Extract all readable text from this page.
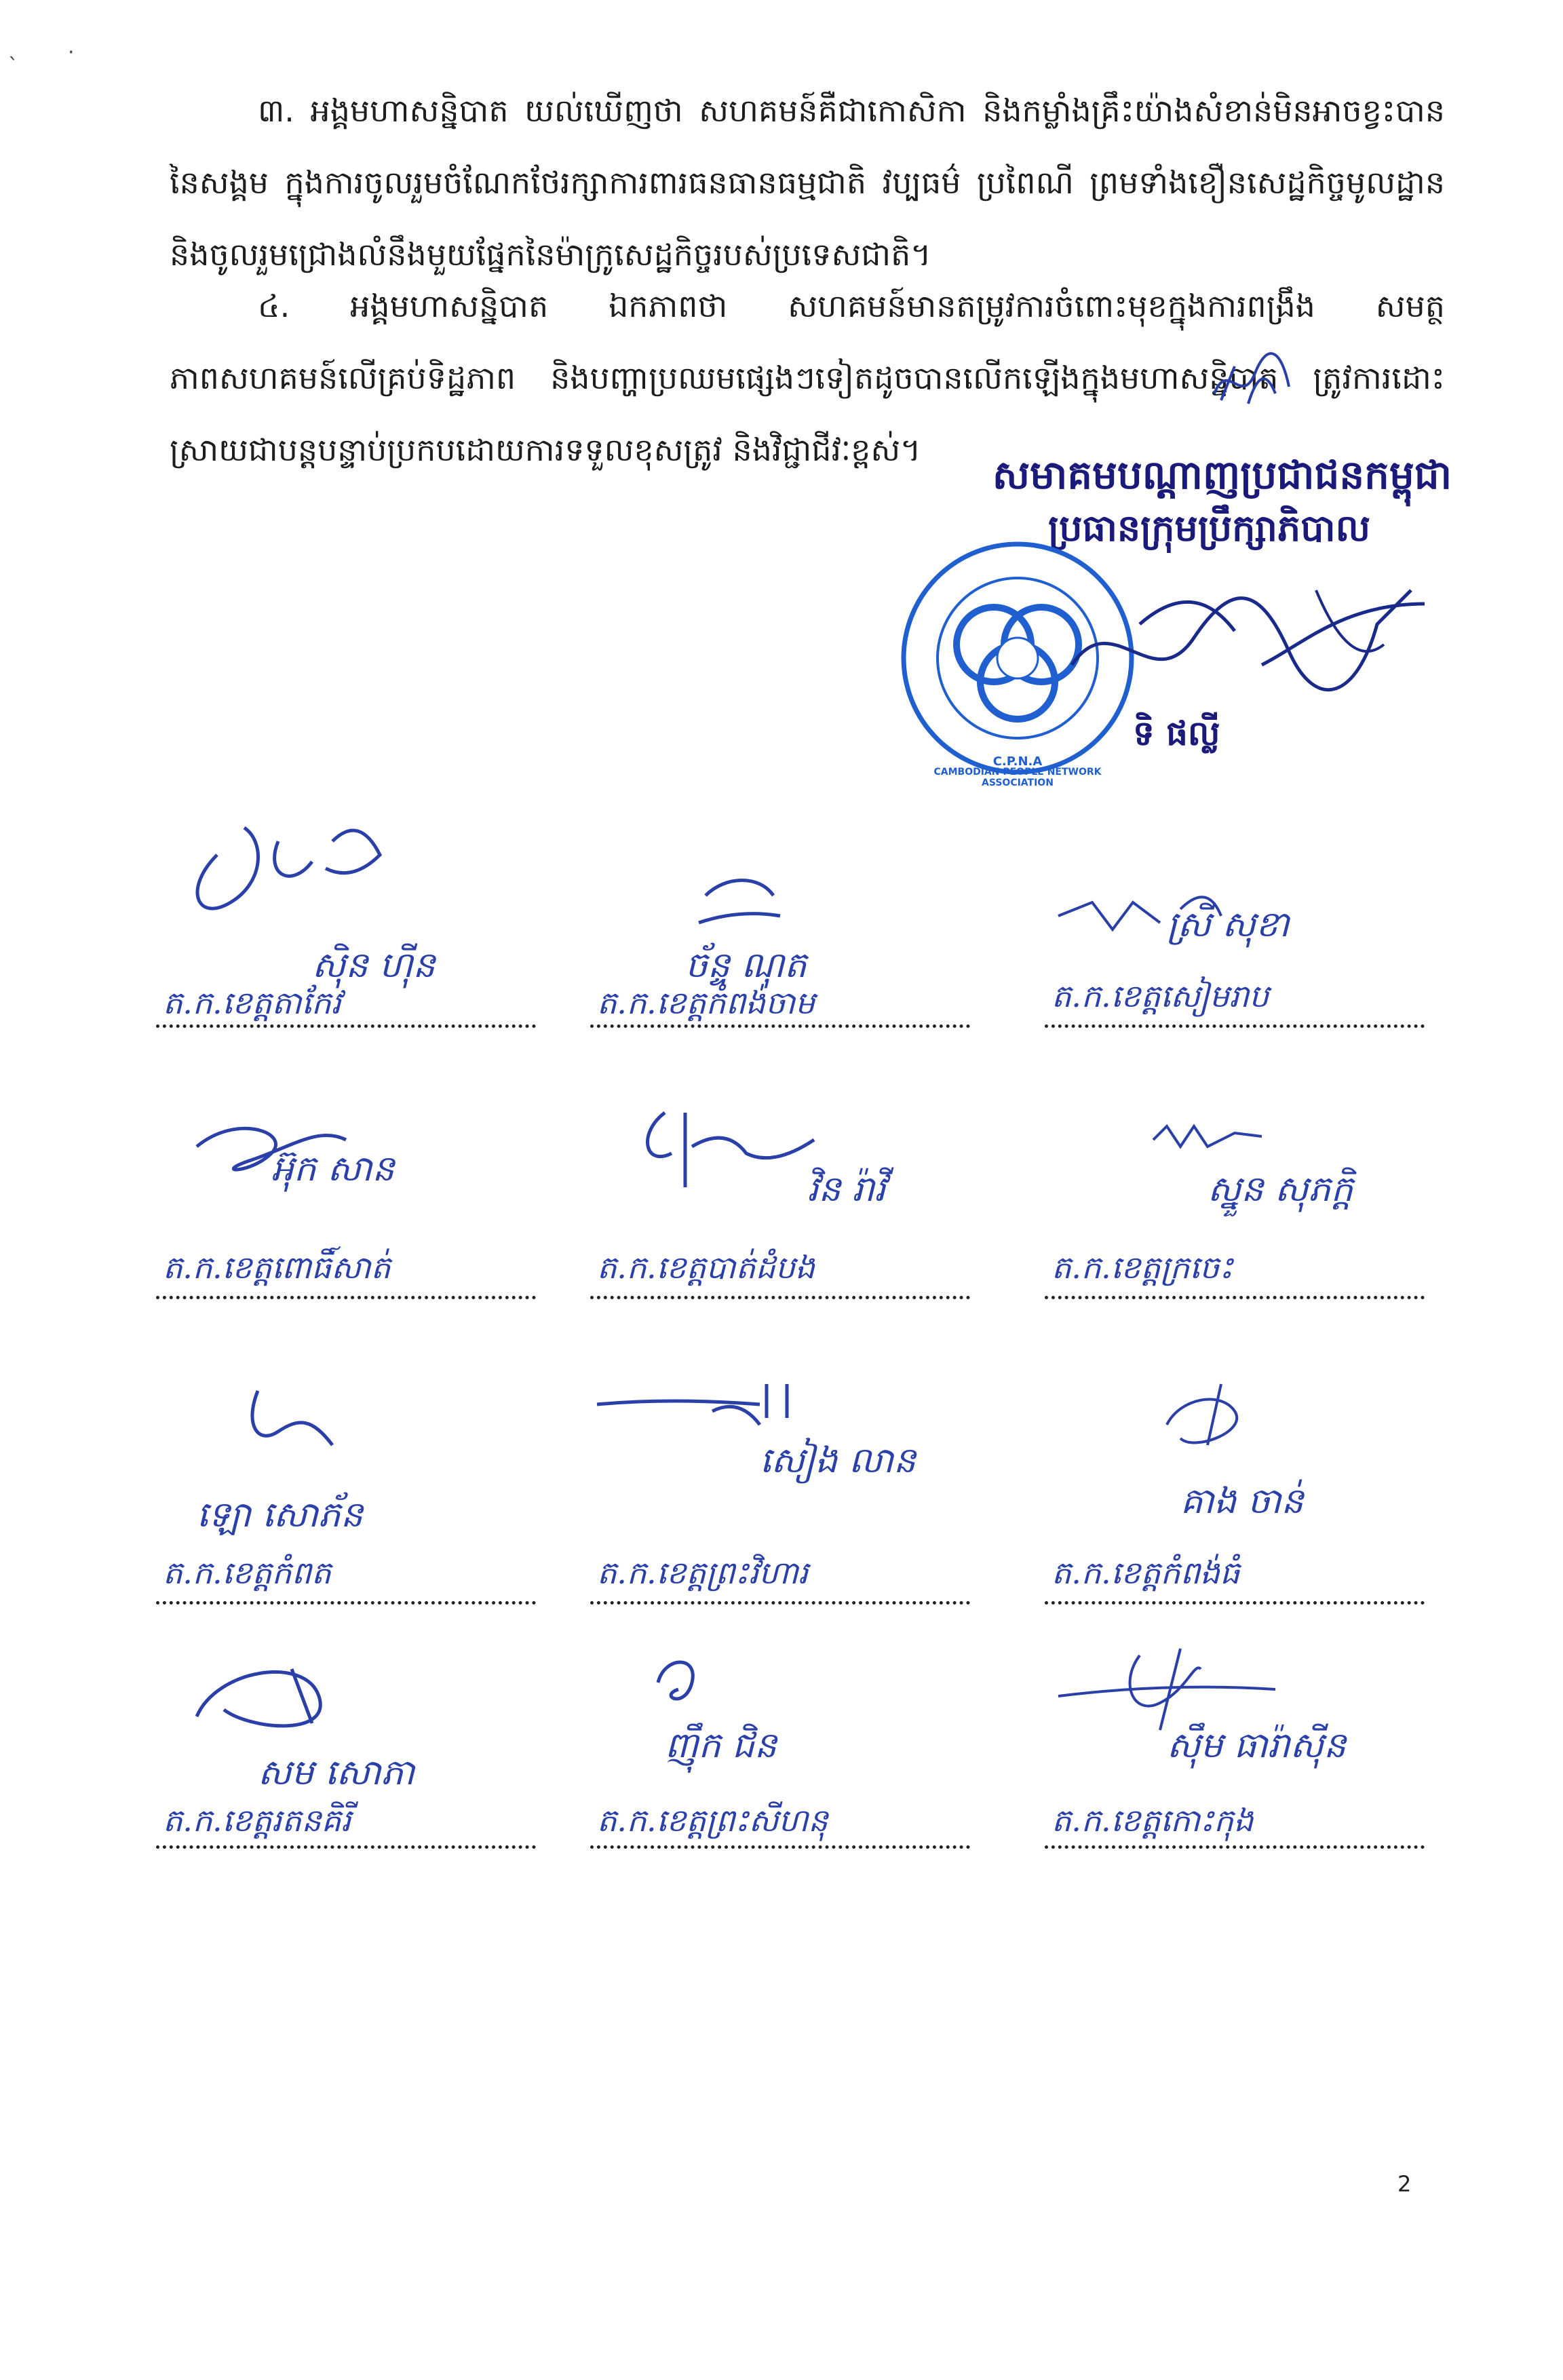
`
·

៣. អង្គមហាសន្និបាត យល់ឃើញថា សហគមន៍គឺជាកោសិកា និងកម្លាំងគ្រឹះយ៉ាងសំខាន់មិនអាចខ្វះបាននៃសង្គម ក្នុងការចូលរួមចំណែកថែរក្សាការពារធនធានធម្មជាតិ វប្បធម៌ ប្រពៃណី ព្រមទាំងខឿនសេដ្ឋកិច្ចមូលដ្ឋាន និងចូលរួមជ្រោងលំនឹងមួយផ្នែកនៃម៉ាក្រូសេដ្ឋកិច្ចរបស់ប្រទេសជាតិ។

៤. អង្គមហាសន្និបាត ឯកភាពថា សហគមន៍មានតម្រូវការចំពោះមុខក្នុងការពង្រឹង សមត្ថភាពសហគមន៍លើគ្រប់ទិដ្ឋភាព និងបញ្ហាប្រឈមផ្សេងៗទៀតដូចបានលើកឡើងក្នុងមហាសន្និបាត ត្រូវការដោះស្រាយជាបន្តបន្ទាប់ប្រកបដោយការទទួលខុសត្រូវ និងវិជ្ជាជីវៈខ្ពស់។

សមាគមបណ្តាញប្រជាជនកម្ពុជា
ប្រធានក្រុមប្រឹក្សាភិបាល
C.P.N.A
CAMBODIAN PEOPLE NETWORK ASSOCIATION
ទិ ផល្លី
ស៊ិន ហ៊ីន
ត.ក.ខេត្តតាកែវ
ច័ន្ទ ណុត
ត.ក.ខេត្តកំពង់ចាម
ស្រី សុខា
ត.ក.ខេត្តសៀមរាប
អ៊ុក សាន
ត.ក.ខេត្តពោធិ៍សាត់
វិន រ៉ាវី
ត.ក.ខេត្តបាត់ដំបង
ស្នួន សុភក្តិ
ត.ក.ខេត្តក្រចេះ
ឡោ សោភ័ន
ត.ក.ខេត្តកំពត
សៀង លាន
ត.ក.ខេត្តព្រះវិហារ
គាង ចាន់
ត.ក.ខេត្តកំពង់ធំ
សម សោភា
ត.ក.ខេត្តរតនគិរី
ញ៉ឹក ជិន
ត.ក.ខេត្តព្រះសីហនុ
ស៊ឹម ធារ៉ាស៊ីន
ត.ក.ខេត្តកោះកុង
2
